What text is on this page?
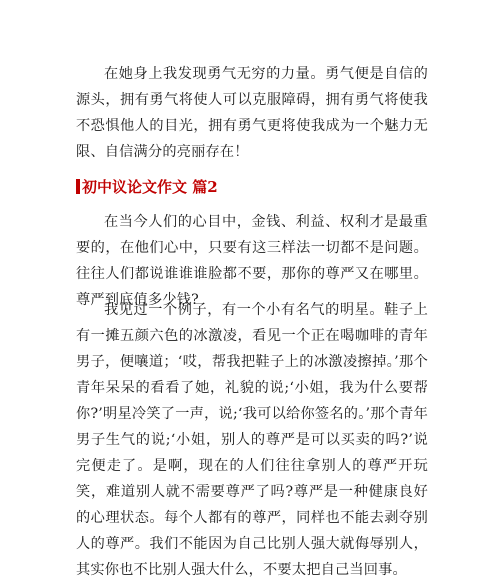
在她身上我发现勇气无穷的力量。勇气便是自信的源头，拥有勇气将使人可以克服障碍，拥有勇气将使我不恐惧他人的目光，拥有勇气更将使我成为一个魅力无限、自信满分的亮丽存在！

初中议论文作文 篇2

在当今人们的心目中，金钱、利益、权利才是最重要的，在他们心中，只要有这三样法一切都不是问题。往往人们都说谁谁谁脸都不要，那你的尊严又在哪里。尊严到底值多少钱?

我见过一个例子，有一个小有名气的明星。鞋子上有一摊五颜六色的冰激凌，看见一个正在喝咖啡的青年男子，便嚷道；‘哎，帮我把鞋子上的冰激凌擦掉。’那个青年呆呆的看看了她，礼貌的说;‘小姐，我为什么要帮你?’明星冷笑了一声，说;‘我可以给你签名的。’那个青年男子生气的说;‘小姐，别人的尊严是可以买卖的吗?’说完便走了。是啊，现在的人们往往拿别人的尊严开玩笑，难道别人就不需要尊严了吗?尊严是一种健康良好的心理状态。每个人都有的尊严，同样也不能去剥夺别人的尊严。我们不能因为自己比别人强大就侮辱别人，其实你也不比别人强大什么，不要太把自己当回事。
